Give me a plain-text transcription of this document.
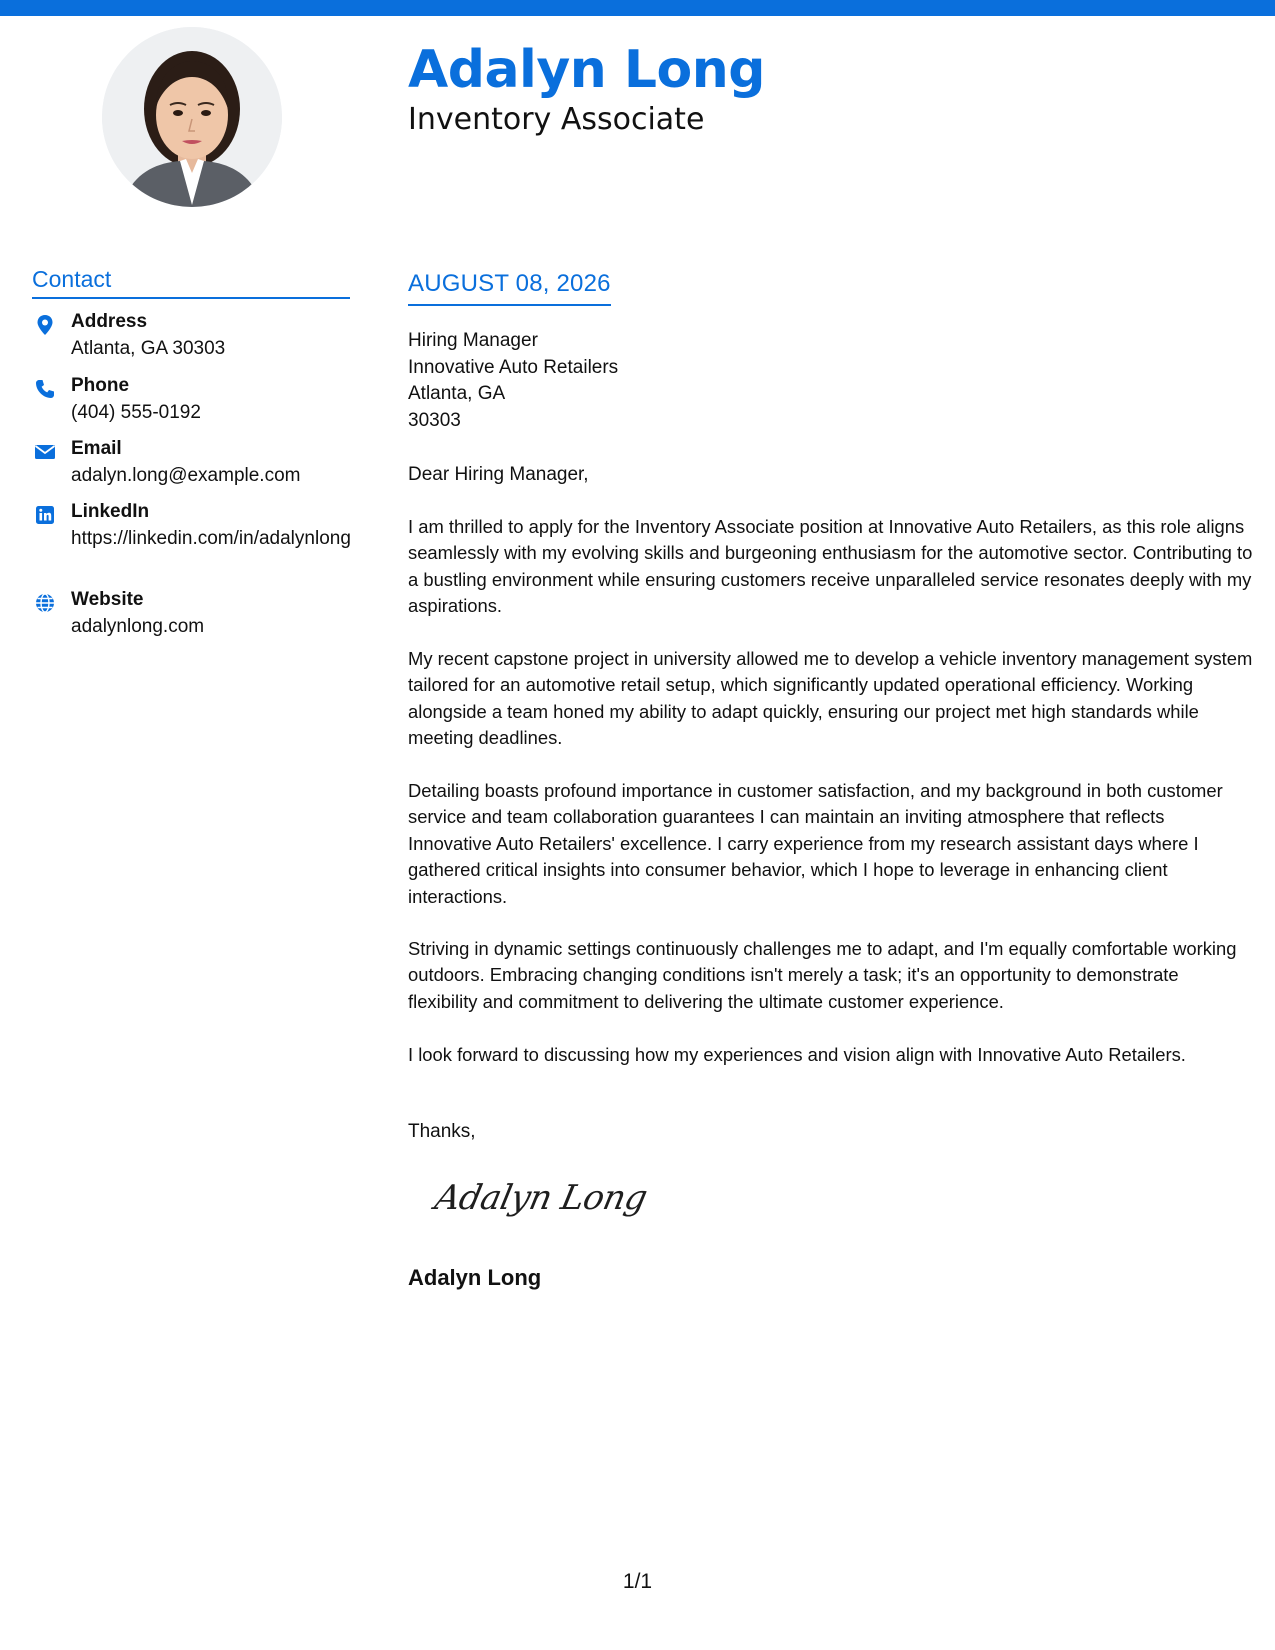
Adalyn Long
Inventory Associate
Contact
Address
Atlanta, GA 30303
Phone
(404) 555-0192
Email
adalyn.long@example.com
LinkedIn
https://linkedin.com/in/adalynlong
Website
adalynlong.com
AUGUST 08, 2026
Hiring Manager
Innovative Auto Retailers
Atlanta, GA
30303
Dear Hiring Manager,

I am thrilled to apply for the Inventory Associate position at Innovative Auto Retailers, as this role aligns seamlessly with my evolving skills and burgeoning enthusiasm for the automotive sector. Contributing to a bustling environment while ensuring customers receive unparalleled service resonates deeply with my aspirations.

My recent capstone project in university allowed me to develop a vehicle inventory management system tailored for an automotive retail setup, which significantly updated operational efficiency. Working alongside a team honed my ability to adapt quickly, ensuring our project met high standards while meeting deadlines.

Detailing boasts profound importance in customer satisfaction, and my background in both customer service and team collaboration guarantees I can maintain an inviting atmosphere that reflects Innovative Auto Retailers' excellence. I carry experience from my research assistant days where I gathered critical insights into consumer behavior, which I hope to leverage in enhancing client interactions.

Striving in dynamic settings continuously challenges me to adapt, and I'm equally comfortable working outdoors. Embracing changing conditions isn't merely a task; it's an opportunity to demonstrate flexibility and commitment to delivering the ultimate customer experience.

I look forward to discussing how my experiences and vision align with Innovative Auto Retailers.

Thanks,
Adalyn Long
Adalyn Long
1/1
